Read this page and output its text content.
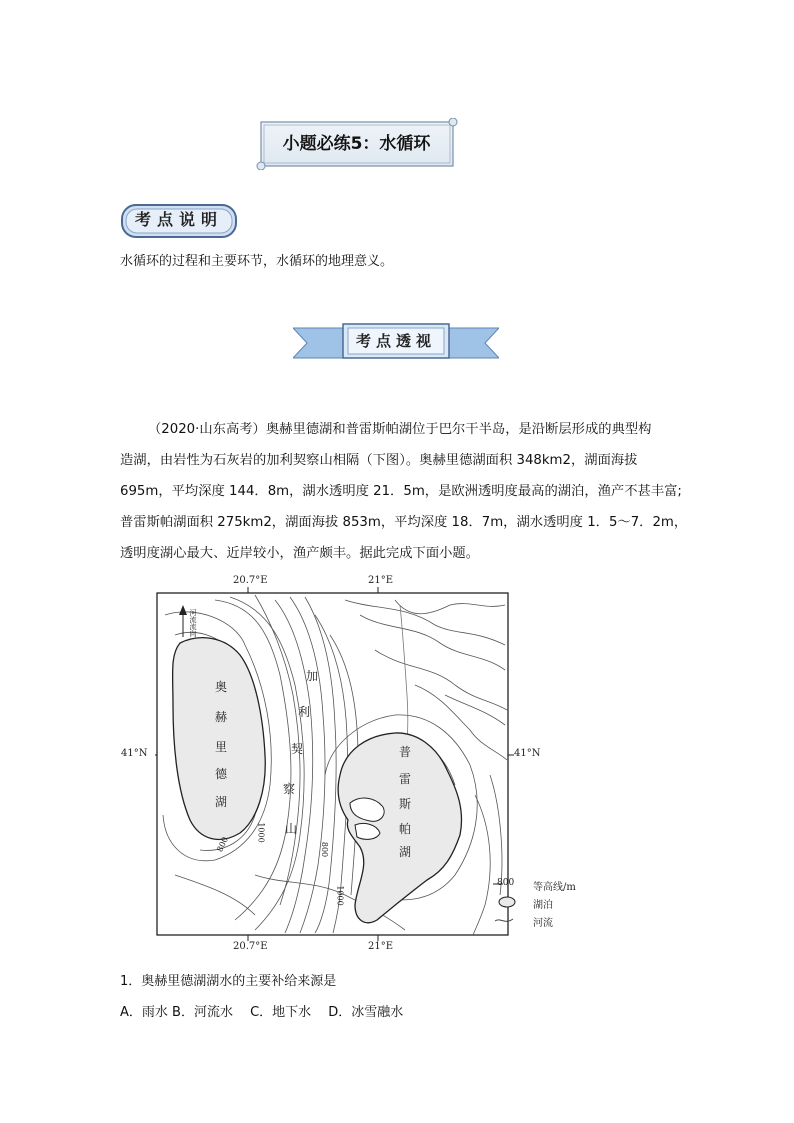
小题必练5：水循环
考点说明
水循环的过程和主要环节，水循环的地理意义。
考点透视
（2020·山东高考）奥赫里德湖和普雷斯帕湖位于巴尔干半岛，是沿断层形成的典型构
造湖，由岩性为石灰岩的加利契察山相隔（下图）。奥赫里德湖面积 348km2，湖面海拔
695m，平均深度 144．8m，湖水透明度 21．5m，是欧洲透明度最高的湖泊，渔产不甚丰富;
普雷斯帕湖面积 275km2，湖面海拔 853m，平均深度 18．7m，湖水透明度 1．5～7．2m，
透明度湖心最大、近岸较小，渔产颇丰。据此完成下面小题。
20.7°E	21°E
20.7°E	21°E
41°N	41°N
河流流向
奥
赫
里
德
湖
加
利
契
察
山
普
雷
斯
帕
湖
800
1000
800
1000
800 等高线/m
湖泊
河流
1．奥赫里德湖湖水的主要补给来源是
A．雨水 B．河流水　 C．地下水　 D．冰雪融水
